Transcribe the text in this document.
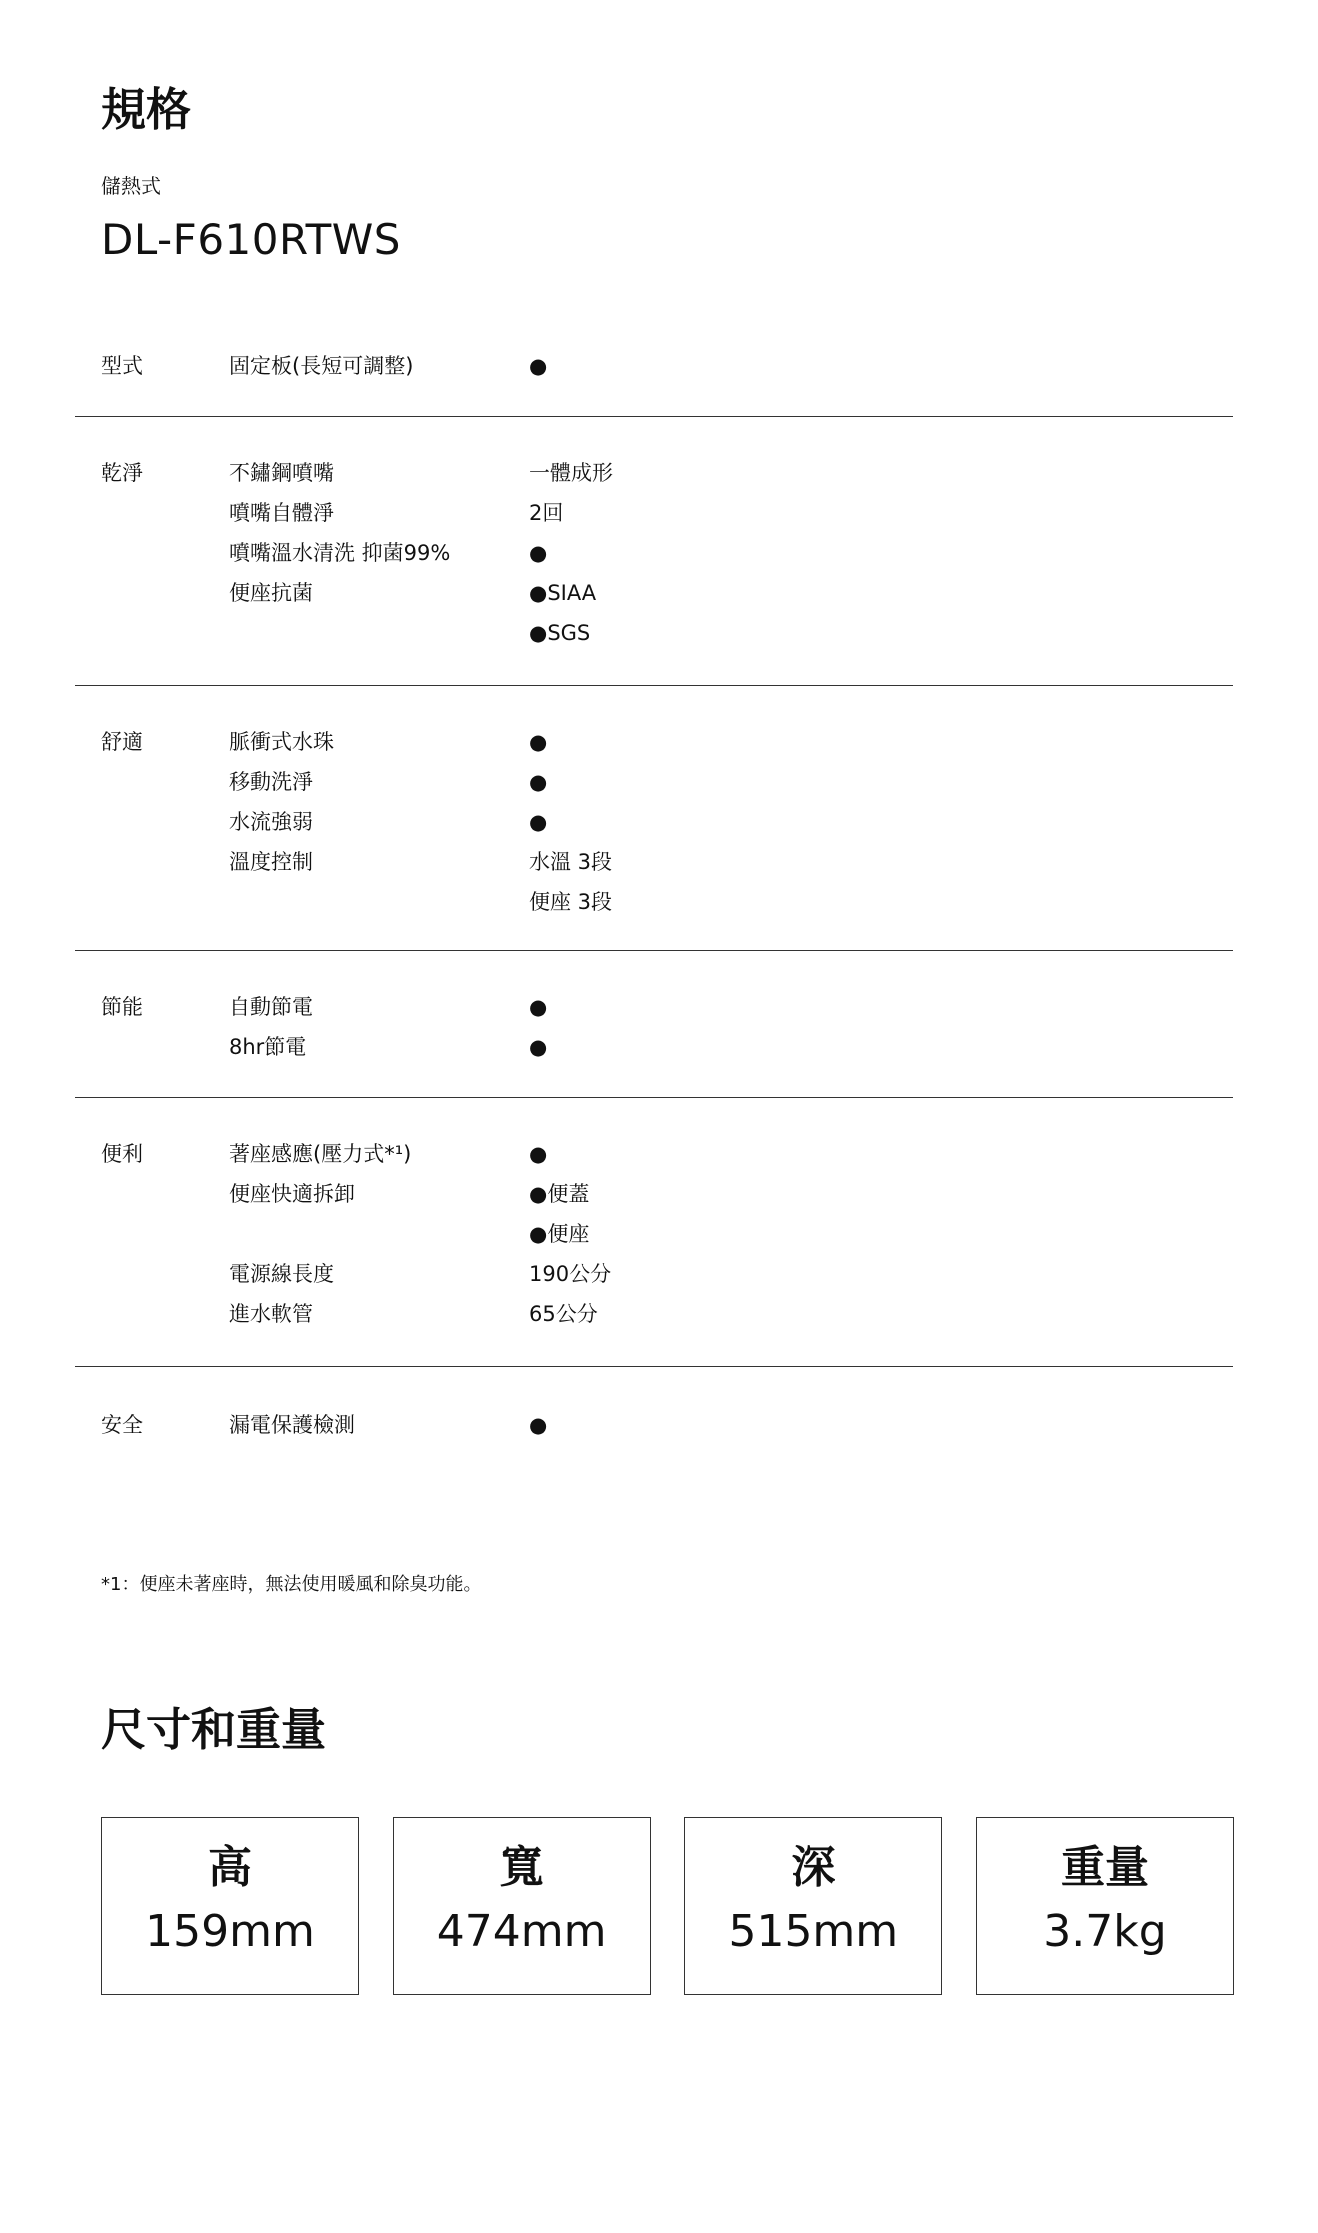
規格
儲熱式
DL-F610RTWS
型式	固定板(長短可調整)	●
乾淨	不鏽鋼噴嘴	一體成形
噴嘴自體淨	2回
噴嘴溫水清洗 抑菌99%	●
便座抗菌	●SIAA
●SGS
舒適	脈衝式水珠	●
移動洗淨	●
水流強弱	●
溫度控制	水溫 3段
便座 3段
節能	自動節電	●
8hr節電	●
便利	著座感應(壓力式*¹)	●
便座快適拆卸	●便蓋
●便座
電源線長度	190公分
進水軟管	65公分
安全	漏電保護檢測	●
*1：便座未著座時，無法使用暖風和除臭功能。
尺寸和重量
高
159mm
寬
474mm
深
515mm
重量
3.7kg
